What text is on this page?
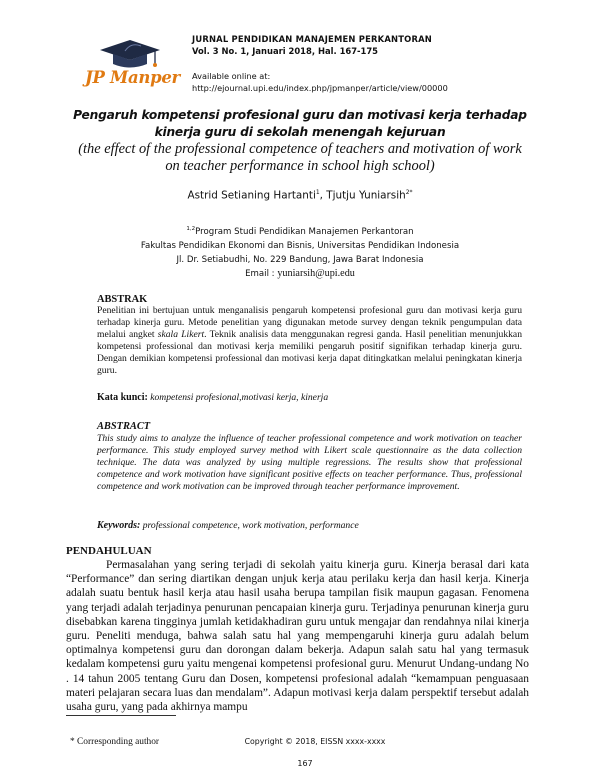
JP Manper
JURNAL PENDIDIKAN MANAJEMEN PERKANTORAN
Vol. 3 No. 1, Januari 2018, Hal. 167-175
Available online at:
http://ejournal.upi.edu/index.php/jpmanper/article/view/00000
Pengaruh kompetensi profesional guru dan motivasi kerja terhadap
kinerja guru di sekolah menengah kejuruan
(the effect of the professional competence of teachers and motivation of work
on teacher performance in school high school)
Astrid Setianing Hartanti$^1$, Tjutju Yuniarsih$^{2*}$
$^{1,2}$Program Studi Pendidikan Manajemen Perkantoran
Fakultas Pendidikan Ekonomi dan Bisnis, Universitas Pendidikan Indonesia
Jl. Dr. Setiabudhi, No. 229 Bandung, Jawa Barat Indonesia
Email : yuniarsih@upi.edu
ABSTRAK
Penelitian ini bertujuan untuk menganalisis pengaruh kompetensi profesional guru dan motivasi kerja guru terhadap kinerja guru. Metode penelitian yang digunakan metode survey dengan teknik pengumpulan data melalui angket skala Likert. Teknik analisis data menggunakan regresi ganda. Hasil penelitian menunjukkan kompetensi professional dan motivasi kerja memiliki pengaruh positif signifikan terhadap kinerja guru. Dengan demikian kompetensi professional dan motivasi kerja dapat ditingkatkan melalui peningkatan kinerja guru.
Kata kunci: kompetensi profesional,motivasi kerja, kinerja
ABSTRACT
This study aims to analyze the influence of teacher professional competence and work motivation on teacher performance. This study employed survey method with Likert scale questionnaire as the data collection technique. The data was analyzed by using multiple regressions. The results show that professional competence and work motivation have significant positive effects on teacher performance. Thus, professional competence and work motivation can be improved through teacher performance improvement.
Keywords: professional competence, work motivation, performance
PENDAHULUAN
Permasalahan yang sering terjadi di sekolah yaitu kinerja guru. Kinerja berasal dari kata “Performance” dan sering diartikan dengan unjuk kerja atau perilaku kerja dan hasil kerja. Kinerja adalah suatu bentuk hasil kerja atau hasil usaha berupa tampilan fisik maupun gagasan. Fenomena yang terjadi adalah terjadinya penurunan pencapaian kinerja guru. Terjadinya penurunan kinerja guru disebabkan karena tingginya jumlah ketidakhadiran guru untuk mengajar dan rendahnya nilai kinerja guru. Peneliti menduga, bahwa salah satu hal yang mempengaruhi kinerja guru adalah belum optimalnya kompetensi guru dan dorongan dalam bekerja. Adapun salah satu hal yang termasuk kedalam kompetensi guru yaitu mengenai kompetensi profesional guru. Menurut Undang-undang No . 14 tahun 2005 tentang Guru dan Dosen, kompetensi profesional adalah “kemampuan penguasaan materi pelajaran secara luas dan mendalam”. Adapun motivasi kerja dalam perspektif tersebut adalah usaha guru, yang pada akhirnya mampu
* Corresponding author	Copyright © 2018, EISSN xxxx-xxxx
167
